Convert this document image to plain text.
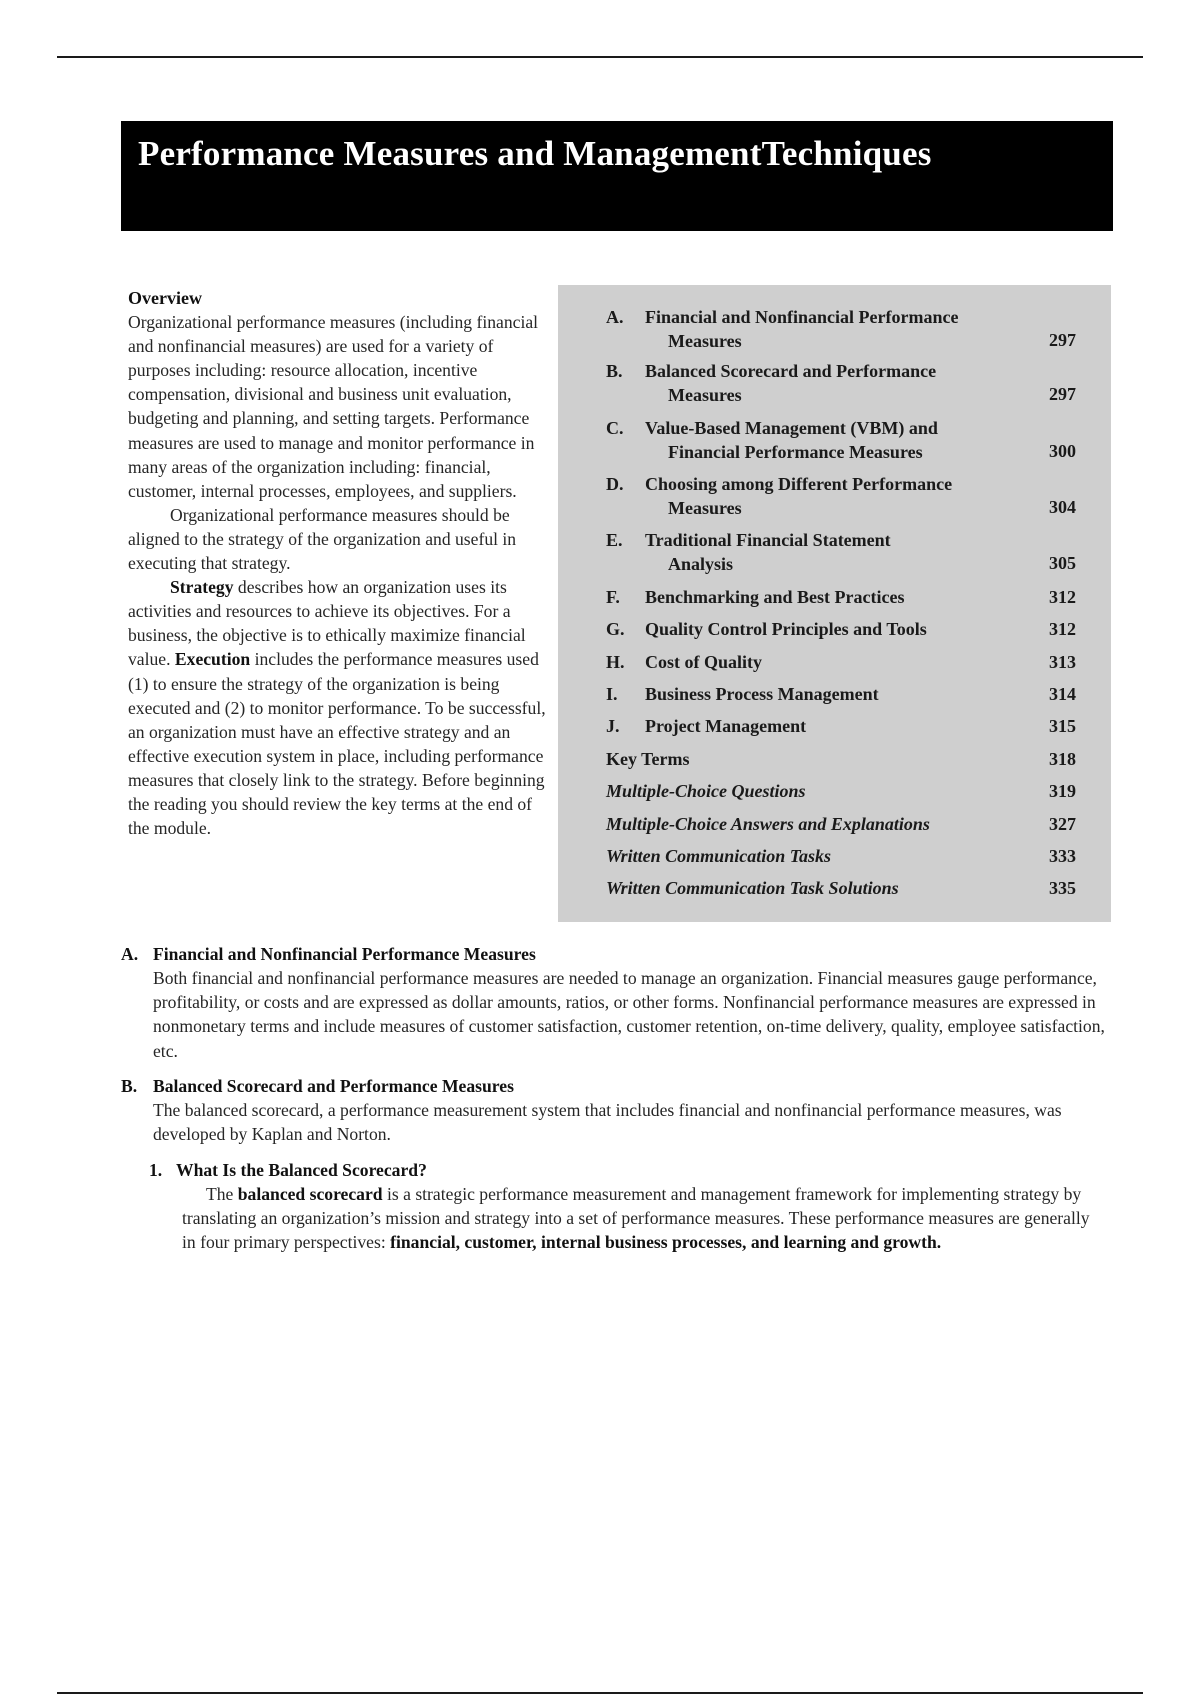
Performance Measures and ManagementTechniques
Overview

Organizational performance measures (including financial and nonfinancial measures) are used for a variety of purposes including: resource allocation, incentive compensation, divisional and business unit evaluation, budgeting and planning, and setting targets. Performance measures are used to manage and monitor performance in many areas of the organization including: financial, customer, internal processes, employees, and suppliers.

Organizational performance measures should be aligned to the strategy of the organization and useful in executing that strategy.

Strategy describes how an organization uses its activities and resources to achieve its objectives. For a business, the objective is to ethically maximize financial value. Execution includes the performance measures used (1) to ensure the strategy of the organization is being executed and (2) to monitor performance. To be successful, an organization must have an effective strategy and an effective execution system in place, including performance measures that closely link to the strategy. Before beginning the reading you should review the key terms at the end of the module.

A. Financial and Nonfinancial Performance
Measures	297
B. Balanced Scorecard and Performance
Measures	297
C. Value-Based Management (VBM) and
Financial Performance Measures	300
D. Choosing among Different Performance
Measures	304
E. Traditional Financial Statement
Analysis	305
F. Benchmarking and Best Practices	312
G. Quality Control Principles and Tools	312
H. Cost of Quality	313
I. Business Process Management	314
J. Project Management	315
Key Terms	318
Multiple-Choice Questions	319
Multiple-Choice Answers and Explanations	327
Written Communication Tasks	333
Written Communication Task Solutions	335
A. Financial and Nonfinancial Performance Measures

Both financial and nonfinancial performance measures are needed to manage an organization. Financial measures gauge performance, profitability, or costs and are expressed as dollar amounts, ratios, or other forms. Nonfinancial performance measures are expressed in nonmonetary terms and include measures of customer satisfaction, customer retention, on-time delivery, quality, employee satisfaction, etc.

B. Balanced Scorecard and Performance Measures

The balanced scorecard, a performance measurement system that includes financial and nonfinancial performance measures, was developed by Kaplan and Norton.

1. What Is the Balanced Scorecard?

The balanced scorecard is a strategic performance measurement and management framework for implementing strategy by translating an organization’s mission and strategy into a set of performance measures. These performance measures are generally in four primary perspectives: financial, customer, internal business processes, and learning and growth.
